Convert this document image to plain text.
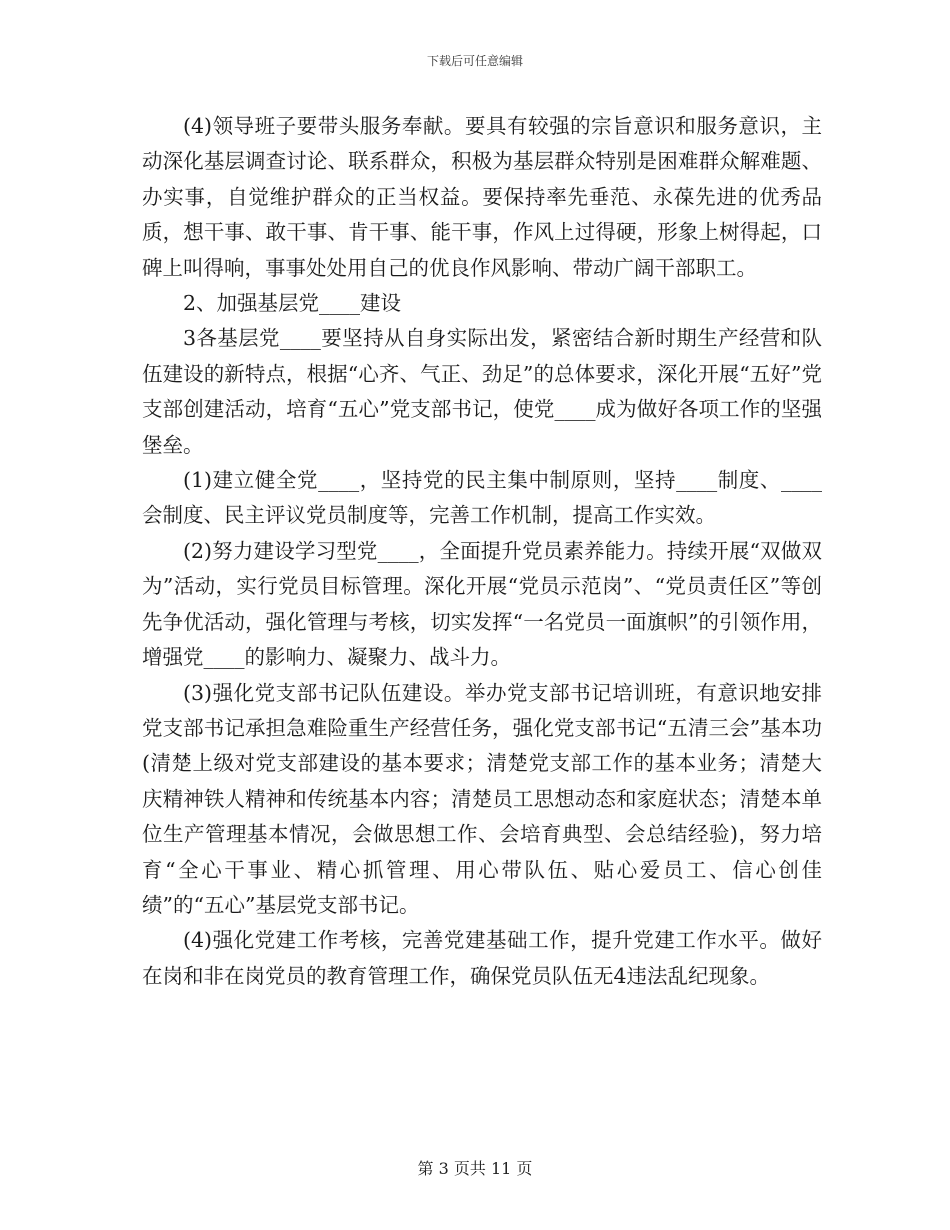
下载后可任意编辑

(4)领导班子要带头服务奉献。要具有较强的宗旨意识和服务意识，主动深化基层调查讨论、联系群众，积极为基层群众特别是困难群众解难题、办实事，自觉维护群众的正当权益。要保持率先垂范、永葆先进的优秀品质，想干事、敢干事、肯干事、能干事，作风上过得硬，形象上树得起，口碑上叫得响，事事处处用自己的优良作风影响、带动广阔干部职工。

2、加强基层党____建设

3各基层党____要坚持从自身实际出发，紧密结合新时期生产经营和队伍建设的新特点，根据“心齐、气正、劲足”的总体要求，深化开展“五好”党支部创建活动，培育“五心”党支部书记，使党____成为做好各项工作的坚强堡垒。

(1)建立健全党____，坚持党的民主集中制原则，坚持____制度、____会制度、民主评议党员制度等，完善工作机制，提高工作实效。

(2)努力建设学习型党____，全面提升党员素养能力。持续开展“双做双为”活动，实行党员目标管理。深化开展“党员示范岗”、“党员责任区”等创先争优活动，强化管理与考核，切实发挥“一名党员一面旗帜”的引领作用，增强党____的影响力、凝聚力、战斗力。

(3)强化党支部书记队伍建设。举办党支部书记培训班，有意识地安排党支部书记承担急难险重生产经营任务，强化党支部书记“五清三会”基本功(清楚上级对党支部建设的基本要求；清楚党支部工作的基本业务；清楚大庆精神铁人精神和传统基本内容；清楚员工思想动态和家庭状态；清楚本单位生产管理基本情况，会做思想工作、会培育典型、会总结经验)，努力培育“全心干事业、精心抓管理、用心带队伍、贴心爱员工、信心创佳绩”的“五心”基层党支部书记。

(4)强化党建工作考核，完善党建基础工作，提升党建工作水平。做好在岗和非在岗党员的教育管理工作，确保党员队伍无4违法乱纪现象。

第 3 页共 11 页
